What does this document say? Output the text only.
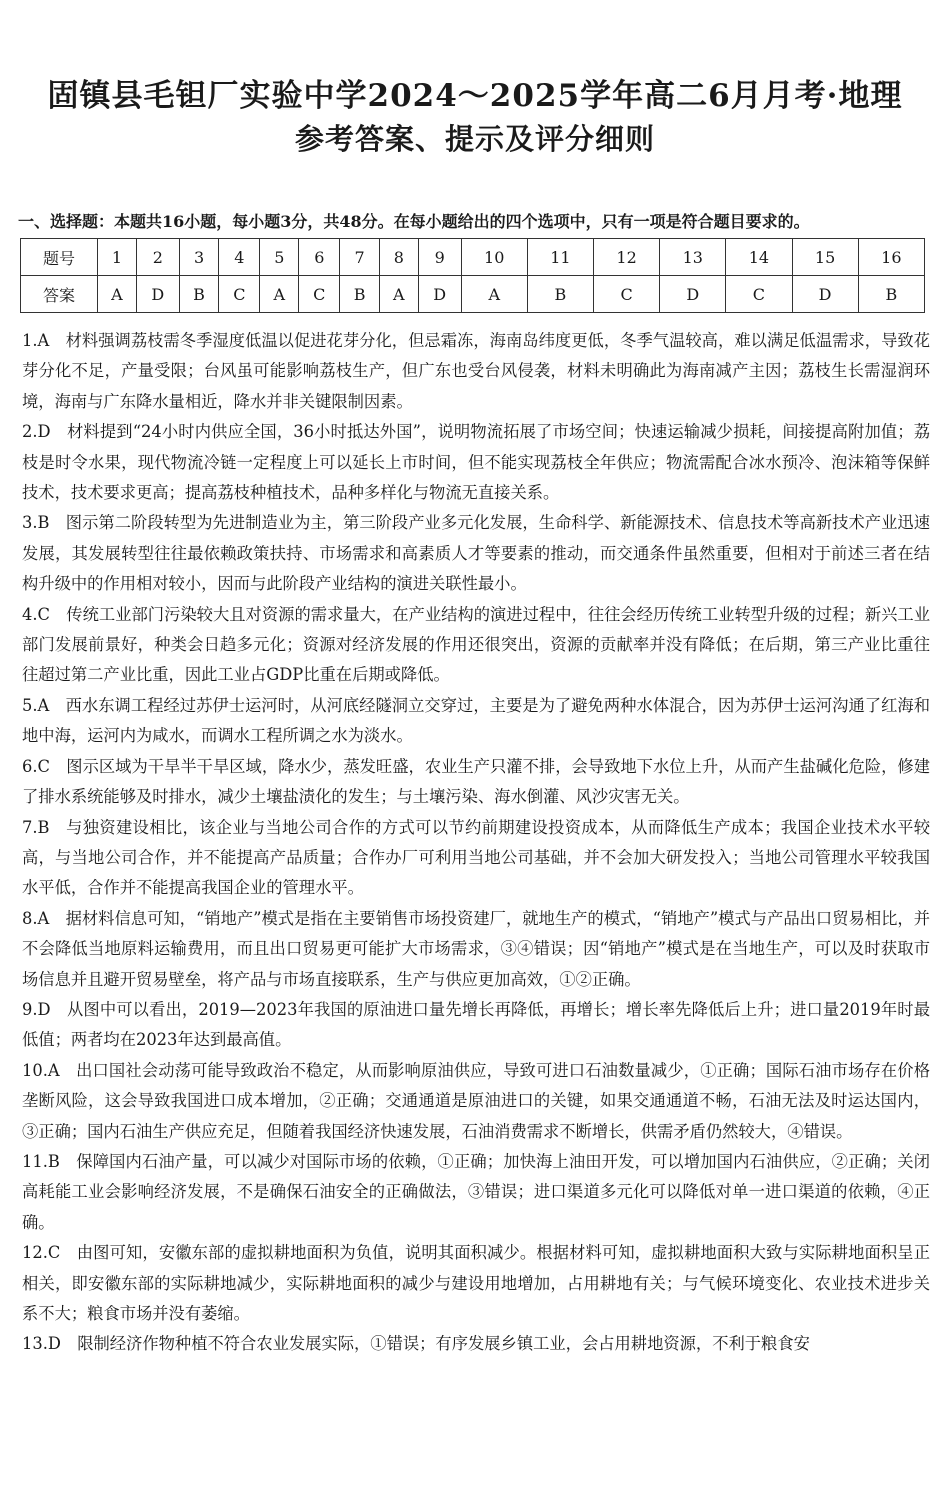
固镇县毛钽厂实验中学2024～2025学年高二6月月考·地理
参考答案、提示及评分细则
一、选择题：本题共16小题，每小题3分，共48分。在每小题给出的四个选项中，只有一项是符合题目要求的。
题号	1	2	3	4	5	6	7	8	9	10	11	12	13	14	15	16
答案	A	D	B	C	A	C	B	A	D	A	B	C	D	C	D	B
1.A  材料强调荔枝需冬季湿度低温以促进花芽分化，但忌霜冻，海南岛纬度更低，冬季气温较高，难以满足低温需求，导致花芽分化不足，产量受限；台风虽可能影响荔枝生产，但广东也受台风侵袭，材料未明确此为海南减产主因；荔枝生长需湿润环境，海南与广东降水量相近，降水并非关键限制因素。
2.D  材料提到“24小时内供应全国，36小时抵达外国”，说明物流拓展了市场空间；快速运输减少损耗，间接提高附加值；荔枝是时令水果，现代物流冷链一定程度上可以延长上市时间，但不能实现荔枝全年供应；物流需配合冰水预冷、泡沫箱等保鲜技术，技术要求更高；提高荔枝种植技术，品种多样化与物流无直接关系。
3.B  图示第二阶段转型为先进制造业为主，第三阶段产业多元化发展，生命科学、新能源技术、信息技术等高新技术产业迅速发展，其发展转型往往最依赖政策扶持、市场需求和高素质人才等要素的推动，而交通条件虽然重要，但相对于前述三者在结构升级中的作用相对较小，因而与此阶段产业结构的演进关联性最小。
4.C  传统工业部门污染较大且对资源的需求量大，在产业结构的演进过程中，往往会经历传统工业转型升级的过程；新兴工业部门发展前景好，种类会日趋多元化；资源对经济发展的作用还很突出，资源的贡献率并没有降低；在后期，第三产业比重往往超过第二产业比重，因此工业占GDP比重在后期或降低。
5.A  西水东调工程经过苏伊士运河时，从河底经隧洞立交穿过，主要是为了避免两种水体混合，因为苏伊士运河沟通了红海和地中海，运河内为咸水，而调水工程所调之水为淡水。
6.C  图示区域为干旱半干旱区域，降水少，蒸发旺盛，农业生产只灌不排，会导致地下水位上升，从而产生盐碱化危险，修建了排水系统能够及时排水，减少土壤盐渍化的发生；与土壤污染、海水倒灌、风沙灾害无关。
7.B  与独资建设相比，该企业与当地公司合作的方式可以节约前期建设投资成本，从而降低生产成本；我国企业技术水平较高，与当地公司合作，并不能提高产品质量；合作办厂可利用当地公司基础，并不会加大研发投入；当地公司管理水平较我国水平低，合作并不能提高我国企业的管理水平。
8.A  据材料信息可知，“销地产”模式是指在主要销售市场投资建厂，就地生产的模式，“销地产”模式与产品出口贸易相比，并不会降低当地原料运输费用，而且出口贸易更可能扩大市场需求，③④错误；因“销地产”模式是在当地生产，可以及时获取市场信息并且避开贸易壁垒，将产品与市场直接联系，生产与供应更加高效，①②正确。
9.D  从图中可以看出，2019—2023年我国的原油进口量先增长再降低，再增长；增长率先降低后上升；进口量2019年时最低值；两者均在2023年达到最高值。
10.A  出口国社会动荡可能导致政治不稳定，从而影响原油供应，导致可进口石油数量减少，①正确；国际石油市场存在价格垄断风险，这会导致我国进口成本增加，②正确；交通通道是原油进口的关键，如果交通通道不畅，石油无法及时运达国内，③正确；国内石油生产供应充足，但随着我国经济快速发展，石油消费需求不断增长，供需矛盾仍然较大，④错误。
11.B  保障国内石油产量，可以减少对国际市场的依赖，①正确；加快海上油田开发，可以增加国内石油供应，②正确；关闭高耗能工业会影响经济发展，不是确保石油安全的正确做法，③错误；进口渠道多元化可以降低对单一进口渠道的依赖，④正确。
12.C  由图可知，安徽东部的虚拟耕地面积为负值，说明其面积减少。根据材料可知，虚拟耕地面积大致与实际耕地面积呈正相关，即安徽东部的实际耕地减少，实际耕地面积的减少与建设用地增加，占用耕地有关；与气候环境变化、农业技术进步关系不大；粮食市场并没有萎缩。
13.D  限制经济作物种植不符合农业发展实际，①错误；有序发展乡镇工业，会占用耕地资源，不利于粮食安
